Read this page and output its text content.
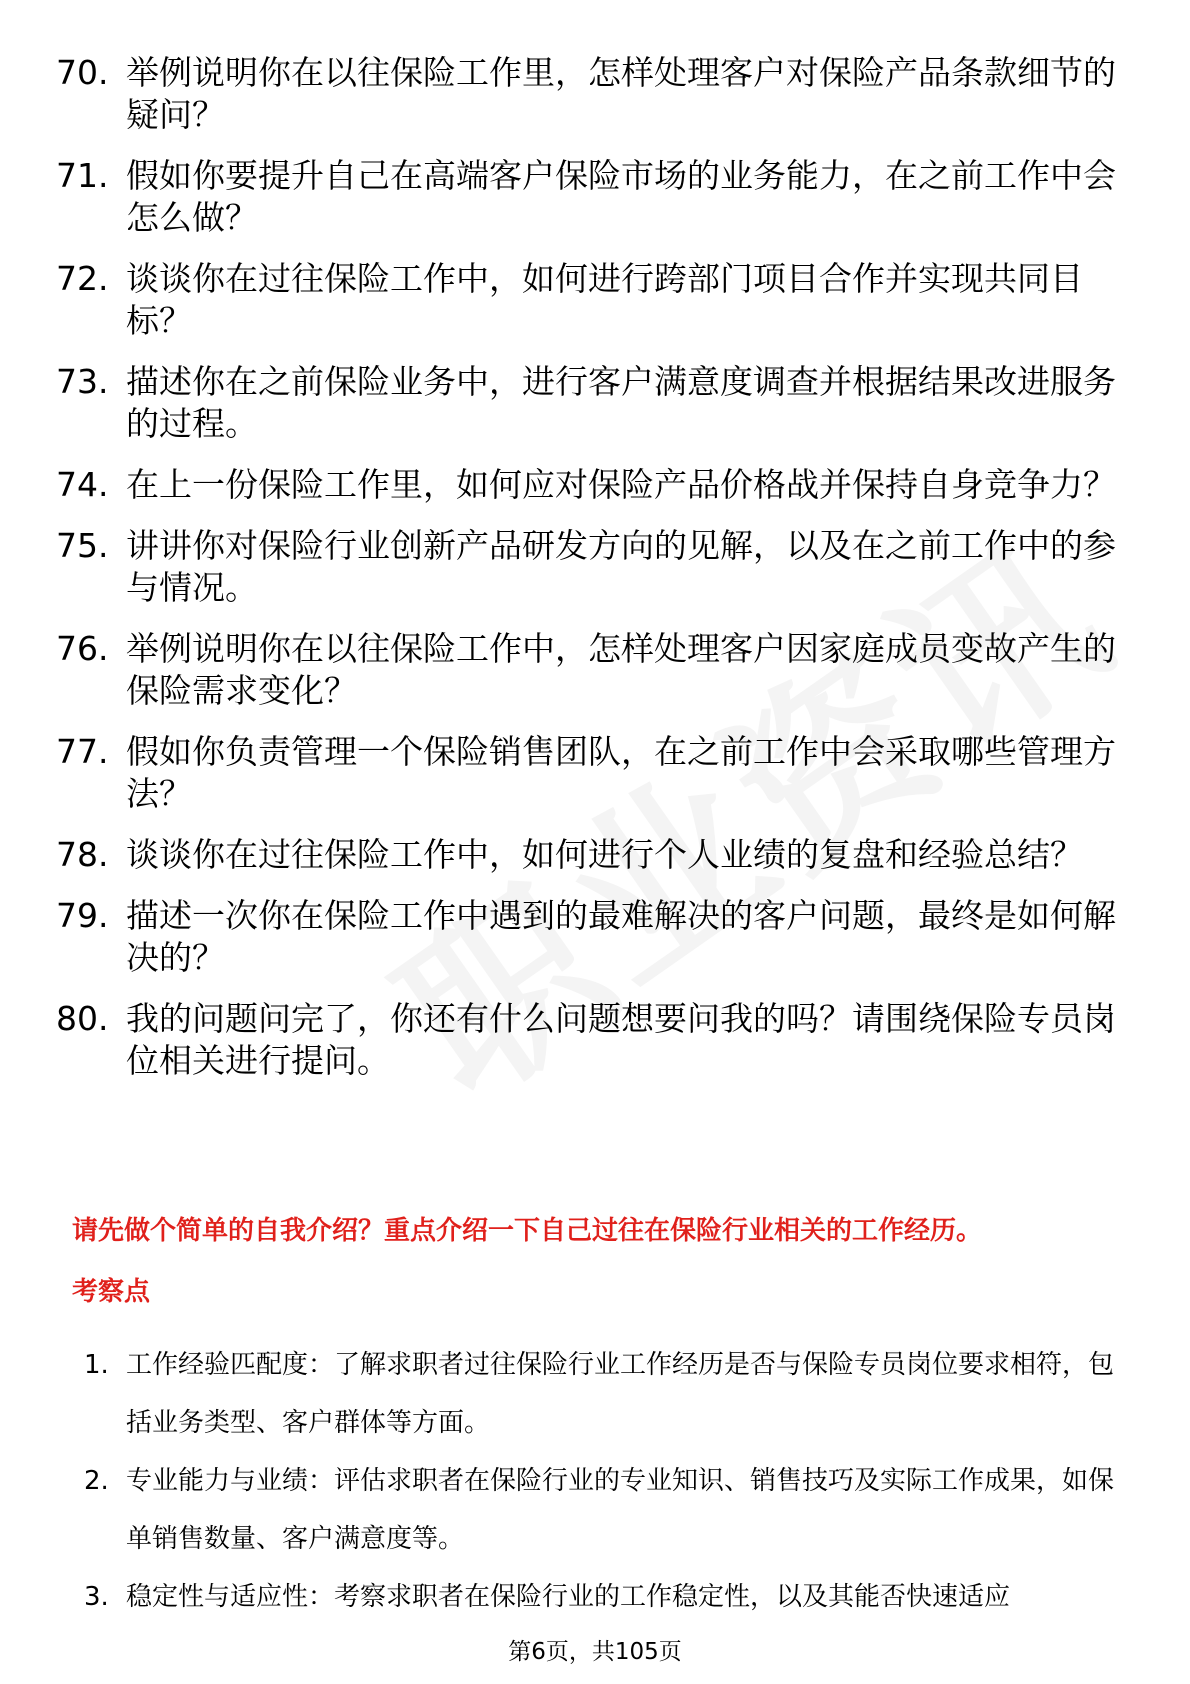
70. 举例说明你在以往保险工作里，怎样处理客户对保险产品条款细节的疑问？
71. 假如你要提升自己在高端客户保险市场的业务能力，在之前工作中会怎么做？
72. 谈谈你在过往保险工作中，如何进行跨部门项目合作并实现共同目标？
73. 描述你在之前保险业务中，进行客户满意度调查并根据结果改进服务的过程。
74. 在上一份保险工作里，如何应对保险产品价格战并保持自身竞争力？
75. 讲讲你对保险行业创新产品研发方向的见解，以及在之前工作中的参与情况。
76. 举例说明你在以往保险工作中，怎样处理客户因家庭成员变故产生的保险需求变化？
77. 假如你负责管理一个保险销售团队，在之前工作中会采取哪些管理方法？
78. 谈谈你在过往保险工作中，如何进行个人业绩的复盘和经验总结？
79. 描述一次你在保险工作中遇到的最难解决的客户问题，最终是如何解决的？
80. 我的问题问完了，你还有什么问题想要问我的吗？请围绕保险专员岗位相关进行提问。
请先做个简单的自我介绍？重点介绍一下自己过往在保险行业相关的工作经历。
考察点
1. 工作经验匹配度：了解求职者过往保险行业工作经历是否与保险专员岗位要求相符，包括业务类型、客户群体等方面。
2. 专业能力与业绩：评估求职者在保险行业的专业知识、销售技巧及实际工作成果，如保单销售数量、客户满意度等。
3. 稳定性与适应性：考察求职者在保险行业的工作稳定性，以及其能否快速适应
第6页，共105页
